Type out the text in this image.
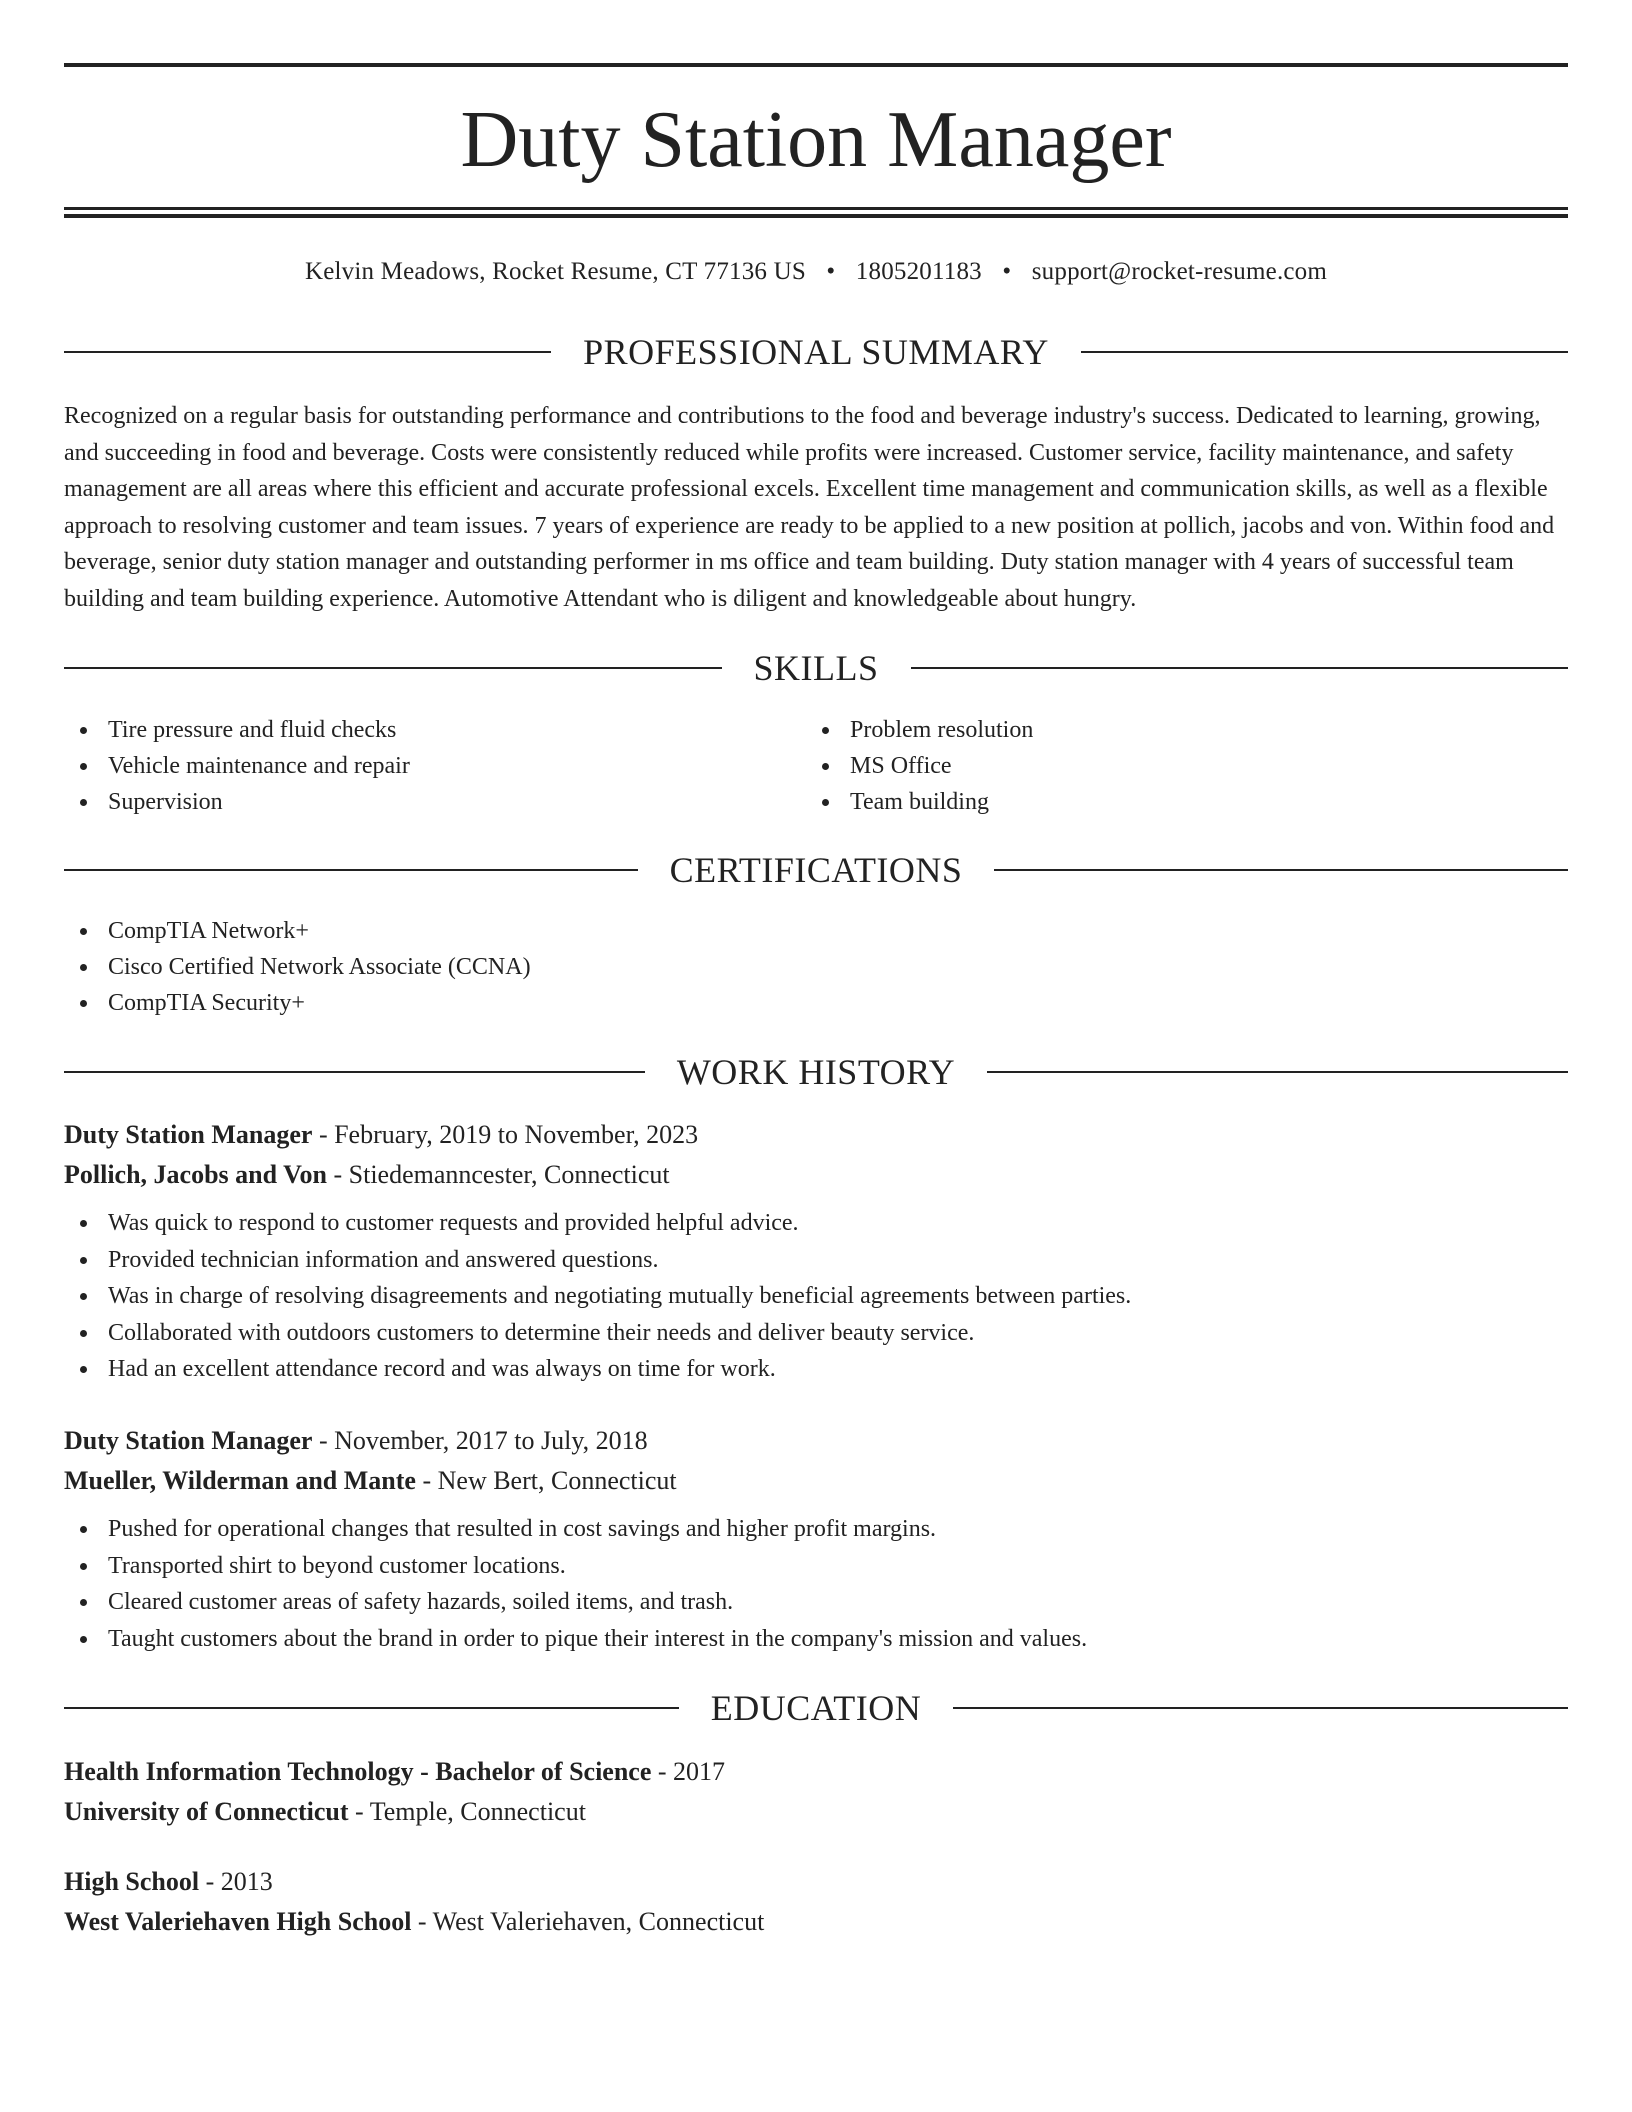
Duty Station Manager
Kelvin Meadows, Rocket Resume, CT 77136 US • 1805201183 • support@rocket-resume.com
PROFESSIONAL SUMMARY

Recognized on a regular basis for outstanding performance and contributions to the food and beverage industry's success. Dedicated to learning, growing, and succeeding in food and beverage. Costs were consistently reduced while profits were increased. Customer service, facility maintenance, and safety management are all areas where this efficient and accurate professional excels. Excellent time management and communication skills, as well as a flexible approach to resolving customer and team issues. 7 years of experience are ready to be applied to a new position at pollich, jacobs and von. Within food and beverage, senior duty station manager and outstanding performer in ms office and team building. Duty station manager with 4 years of successful team building and team building experience. Automotive Attendant who is diligent and knowledgeable about hungry.

SKILLS
Tire pressure and fluid checks
Vehicle maintenance and repair
Supervision
Problem resolution
MS Office
Team building
CERTIFICATIONS
CompTIA Network+
Cisco Certified Network Associate (CCNA)
CompTIA Security+
WORK HISTORY
Duty Station Manager - February, 2019 to November, 2023
Pollich, Jacobs and Von - Stiedemanncester, Connecticut
Was quick to respond to customer requests and provided helpful advice.
Provided technician information and answered questions.
Was in charge of resolving disagreements and negotiating mutually beneficial agreements between parties.
Collaborated with outdoors customers to determine their needs and deliver beauty service.
Had an excellent attendance record and was always on time for work.
Duty Station Manager - November, 2017 to July, 2018
Mueller, Wilderman and Mante - New Bert, Connecticut
Pushed for operational changes that resulted in cost savings and higher profit margins.
Transported shirt to beyond customer locations.
Cleared customer areas of safety hazards, soiled items, and trash.
Taught customers about the brand in order to pique their interest in the company's mission and values.
EDUCATION
Health Information Technology - Bachelor of Science - 2017
University of Connecticut - Temple, Connecticut
High School - 2013
West Valeriehaven High School - West Valeriehaven, Connecticut
